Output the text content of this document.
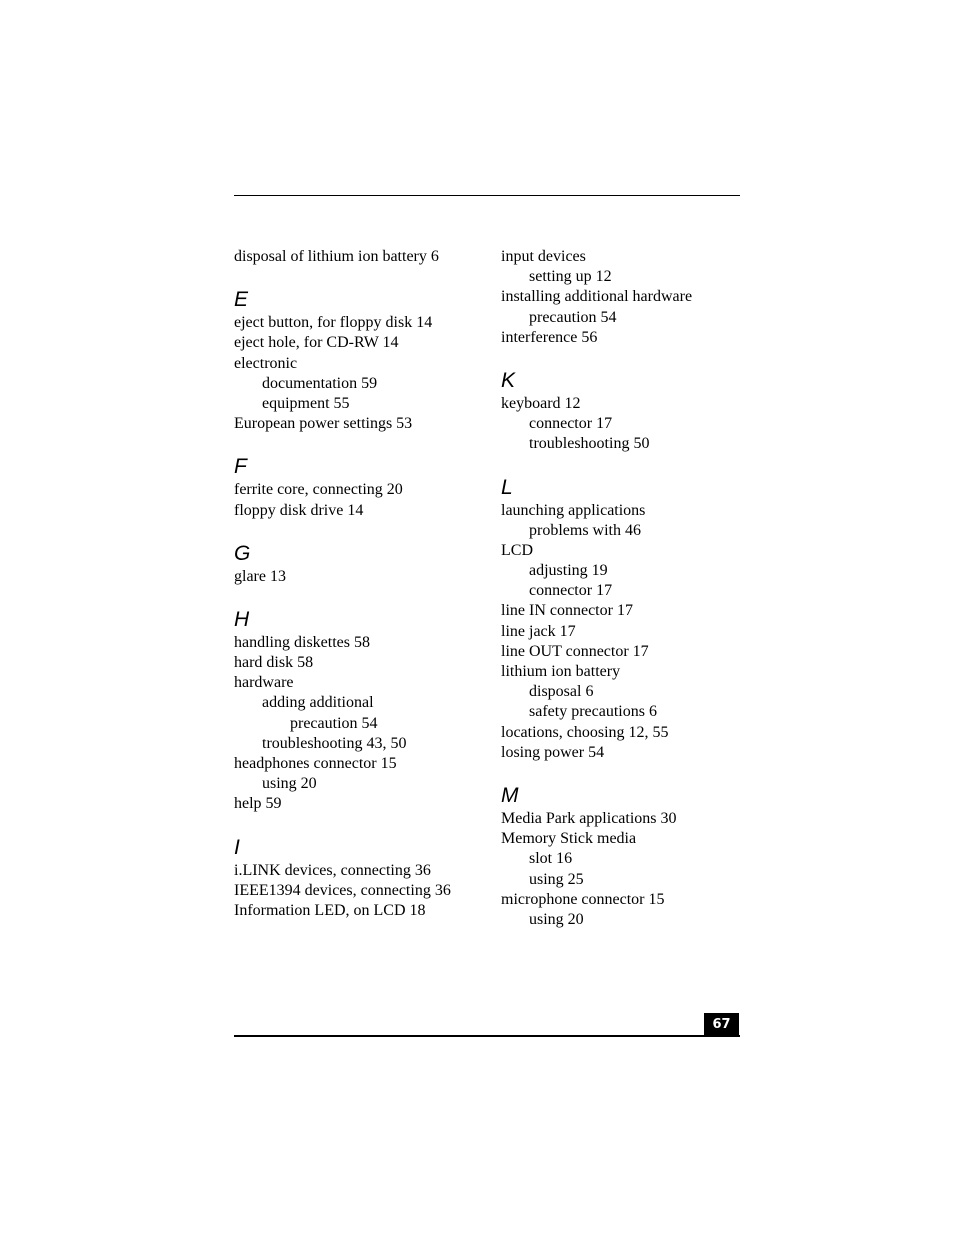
disposal of lithium ion battery 6
E
eject button, for floppy disk 14
eject hole, for CD-RW 14
electronic
documentation 59
equipment 55
European power settings 53
F
ferrite core, connecting 20
floppy disk drive 14
G
glare 13
H
handling diskettes 58
hard disk 58
hardware
adding additional
precaution 54
troubleshooting 43, 50
headphones connector 15
using 20
help 59
I
i.LINK devices, connecting 36
IEEE1394 devices, connecting 36
Information LED, on LCD 18
input devices
setting up 12
installing additional hardware
precaution 54
interference 56
K
keyboard 12
connector 17
troubleshooting 50
L
launching applications
problems with 46
LCD
adjusting 19
connector 17
line IN connector 17
line jack 17
line OUT connector 17
lithium ion battery
disposal 6
safety precautions 6
locations, choosing 12, 55
losing power 54
M
Media Park applications 30
Memory Stick media
slot 16
using 25
microphone connector 15
using 20
67
